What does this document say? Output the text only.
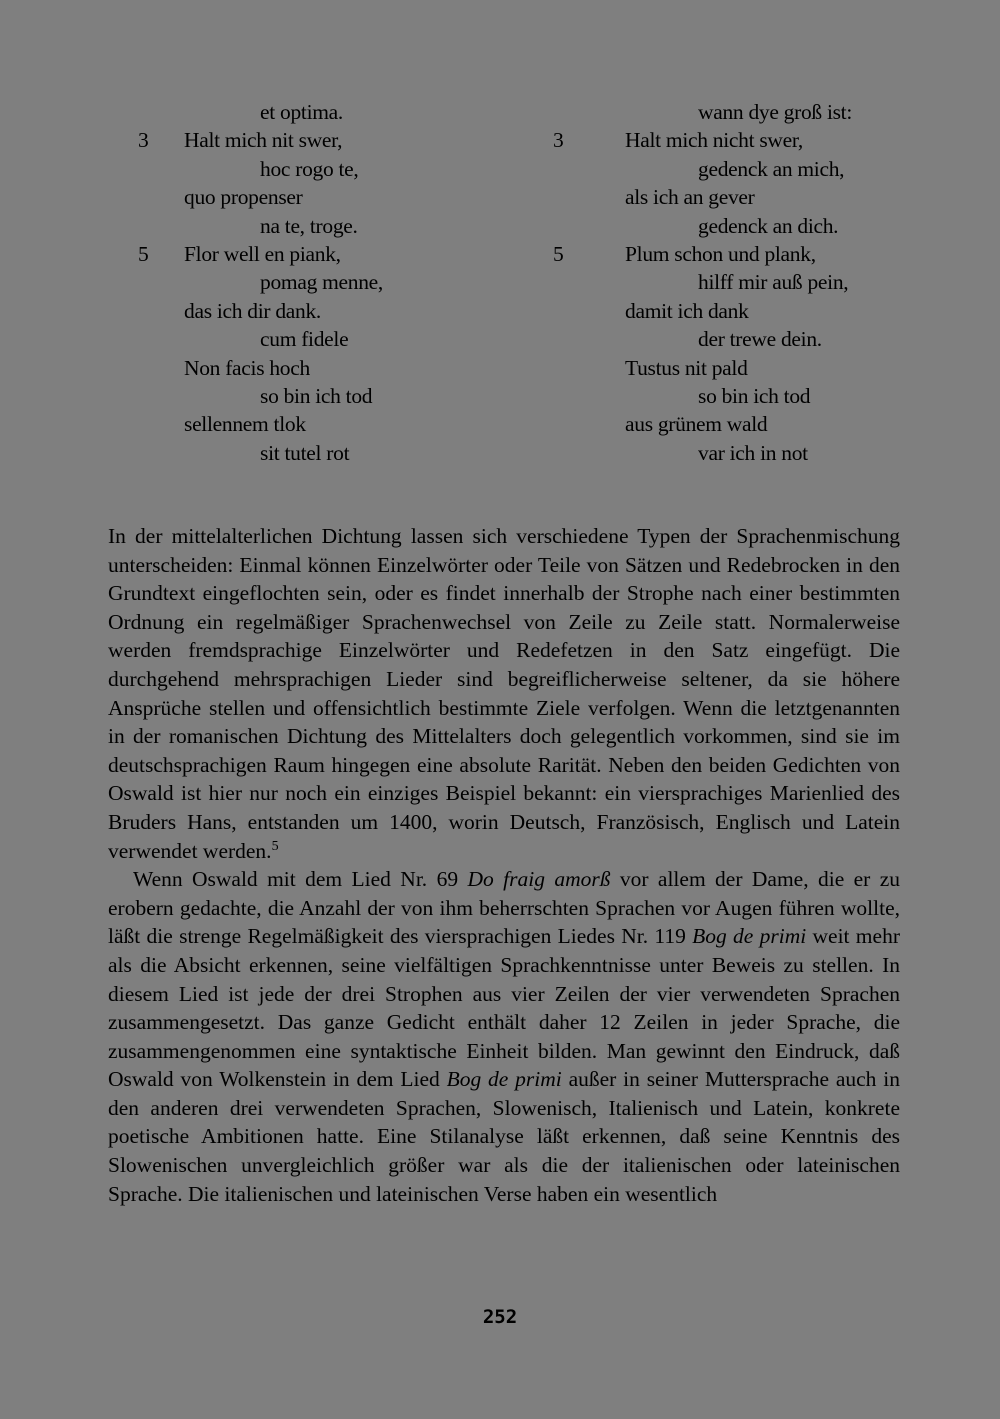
et optima.
3 Halt mich nit swer,
hoc rogo te,
quo propenser
na te, troge.
5 Flor well en piank,
pomag menne,
das ich dir dank.
cum fidele
Non facis hoch
so bin ich tod
sellennem tlok
sit tutel rot
wann dye groß ist:
3	Halt mich nicht swer,
gedenck an mich,
als ich an gever
gedenck an dich.
5	Plum schon und plank,
hilff mir auß pein,
damit ich dank
der trewe dein.
Tustus nit pald
so bin ich tod
aus grünem wald
var ich in not

In der mittelalterlichen Dichtung lassen sich verschiedene Typen der Sprachenmischung unterscheiden: Einmal können Einzelwörter oder Teile von Sätzen und Redebrocken in den Grundtext eingeflochten sein, oder es findet innerhalb der Strophe nach einer bestimmten Ordnung ein regelmäßiger Sprachenwechsel von Zeile zu Zeile statt. Normalerweise werden fremdsprachige Einzelwörter und Redefetzen in den Satz eingefügt. Die durchgehend mehrsprachigen Lieder sind begreiflicherweise seltener, da sie höhere Ansprüche stellen und offensichtlich bestimmte Ziele verfolgen. Wenn die letztgenannten in der romanischen Dichtung des Mittelalters doch gelegentlich vorkommen, sind sie im deutschsprachigen Raum hingegen eine absolute Rarität. Neben den beiden Gedichten von Oswald ist hier nur noch ein einziges Beispiel bekannt: ein viersprachiges Marienlied des Bruders Hans, entstanden um 1400, worin Deutsch, Französisch, Englisch und Latein verwendet werden.$^5$

Wenn Oswald mit dem Lied Nr. 69 Do fraig amorß vor allem der Dame, die er zu erobern gedachte, die Anzahl der von ihm beherrschten Sprachen vor Augen führen wollte, läßt die strenge Regelmäßigkeit des viersprachigen Liedes Nr. 119 Bog de primi weit mehr als die Absicht erkennen, seine vielfältigen Sprachkenntnisse unter Beweis zu stellen. In diesem Lied ist jede der drei Strophen aus vier Zeilen der vier verwendeten Sprachen zusammengesetzt. Das ganze Gedicht enthält daher 12 Zeilen in jeder Sprache, die zusammengenommen eine syntaktische Einheit bilden. Man gewinnt den Eindruck, daß Oswald von Wolkenstein in dem Lied Bog de primi außer in seiner Muttersprache auch in den anderen drei verwendeten Sprachen, Slowenisch, Italienisch und Latein, konkrete poetische Ambitionen hatte. Eine Stilanalyse läßt erkennen, daß seine Kenntnis des Slowenischen unvergleichlich größer war als die der italienischen oder lateinischen Sprache. Die italienischen und lateinischen Verse haben ein wesentlich

252
